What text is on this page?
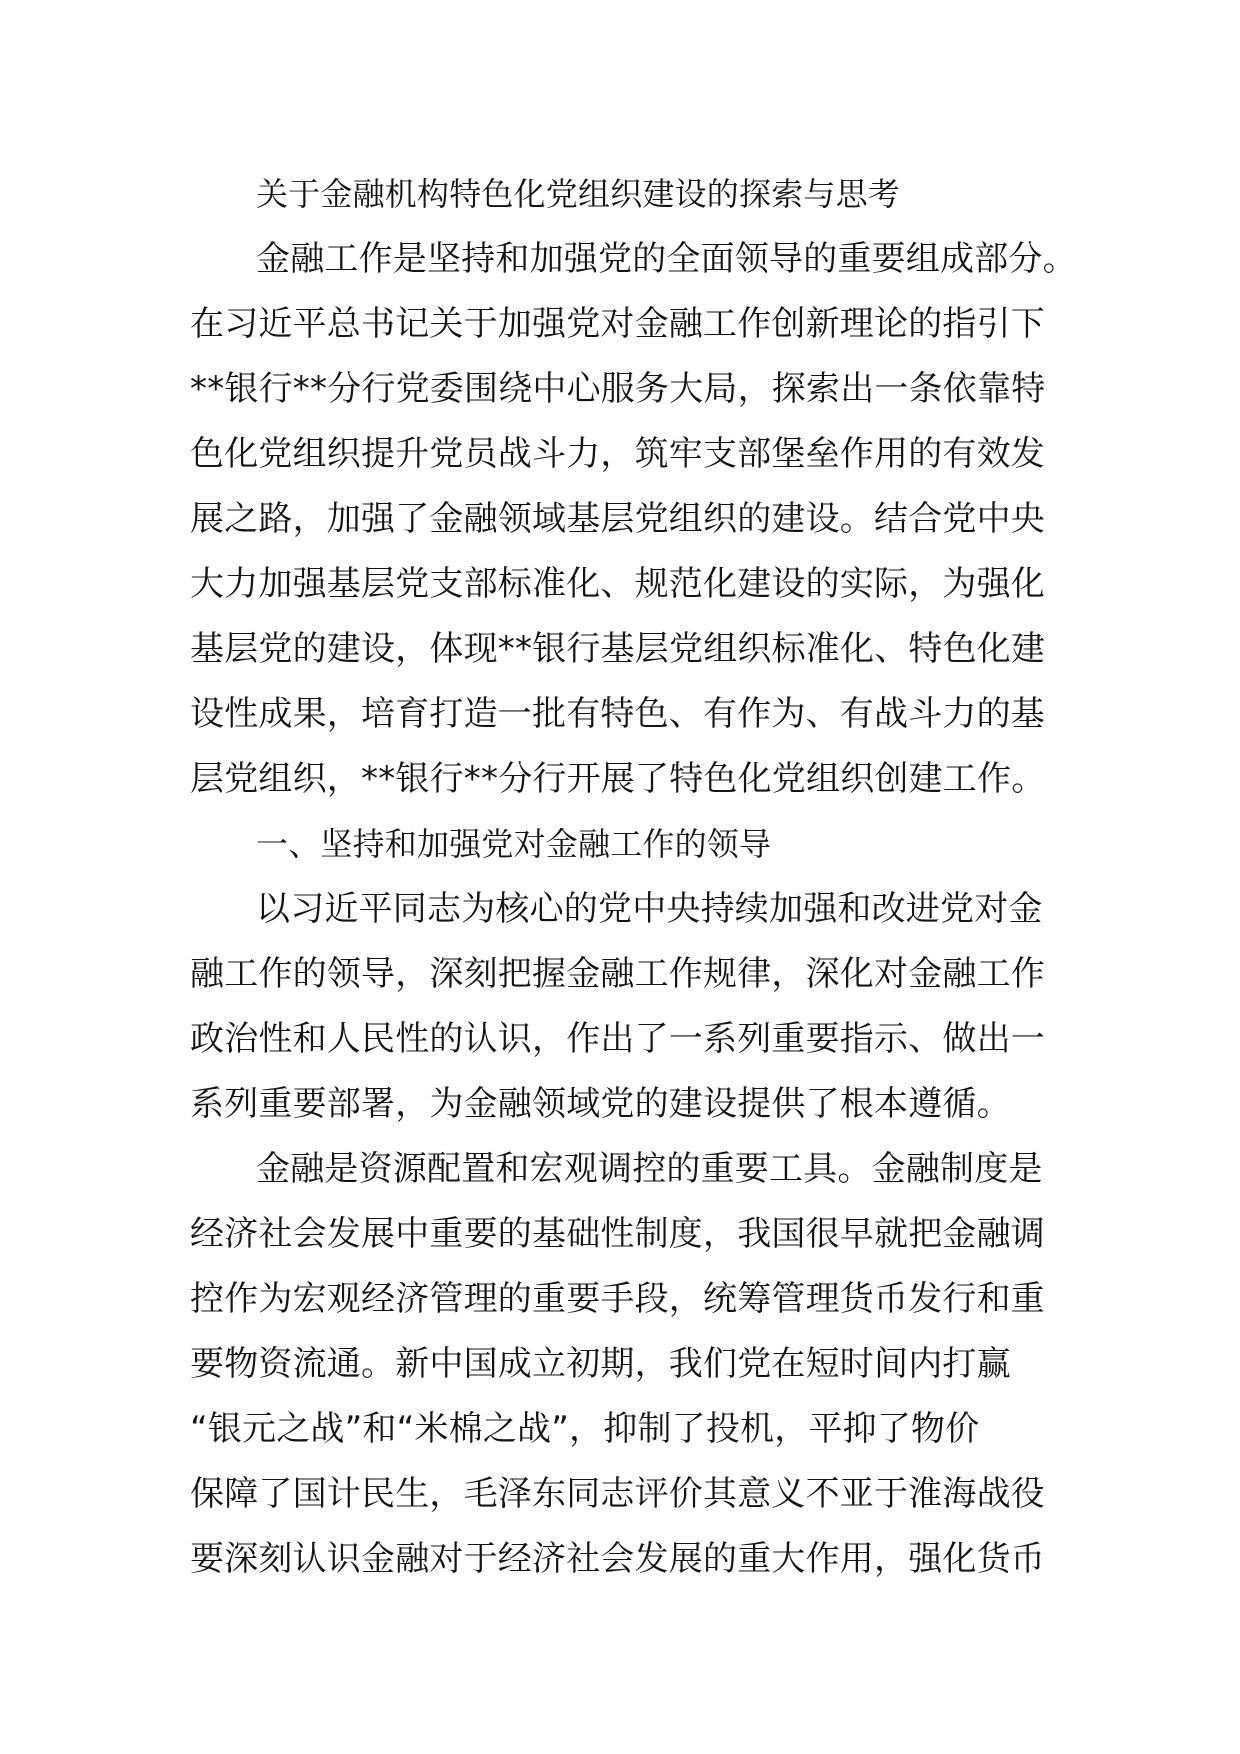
关于金融机构特色化党组织建设的探索与思考
金融工作是坚持和加强党的全面领导的重要组成部分。
在习近平总书记关于加强党对金融工作创新理论的指引下
**银行**分行党委围绕中心服务大局，探索出一条依靠特
色化党组织提升党员战斗力，筑牢支部堡垒作用的有效发
展之路，加强了金融领域基层党组织的建设。结合党中央
大力加强基层党支部标准化、规范化建设的实际，为强化
基层党的建设，体现**银行基层党组织标准化、特色化建
设性成果，培育打造一批有特色、有作为、有战斗力的基
层党组织，**银行**分行开展了特色化党组织创建工作。
一、坚持和加强党对金融工作的领导
以习近平同志为核心的党中央持续加强和改进党对金
融工作的领导，深刻把握金融工作规律，深化对金融工作
政治性和人民性的认识，作出了一系列重要指示、做出一
系列重要部署，为金融领域党的建设提供了根本遵循。
金融是资源配置和宏观调控的重要工具。金融制度是
经济社会发展中重要的基础性制度，我国很早就把金融调
控作为宏观经济管理的重要手段，统筹管理货币发行和重
要物资流通。新中国成立初期，我们党在短时间内打赢
“银元之战”和“米棉之战”，抑制了投机，平抑了物价
保障了国计民生，毛泽东同志评价其意义不亚于淮海战役
要深刻认识金融对于经济社会发展的重大作用，强化货币
